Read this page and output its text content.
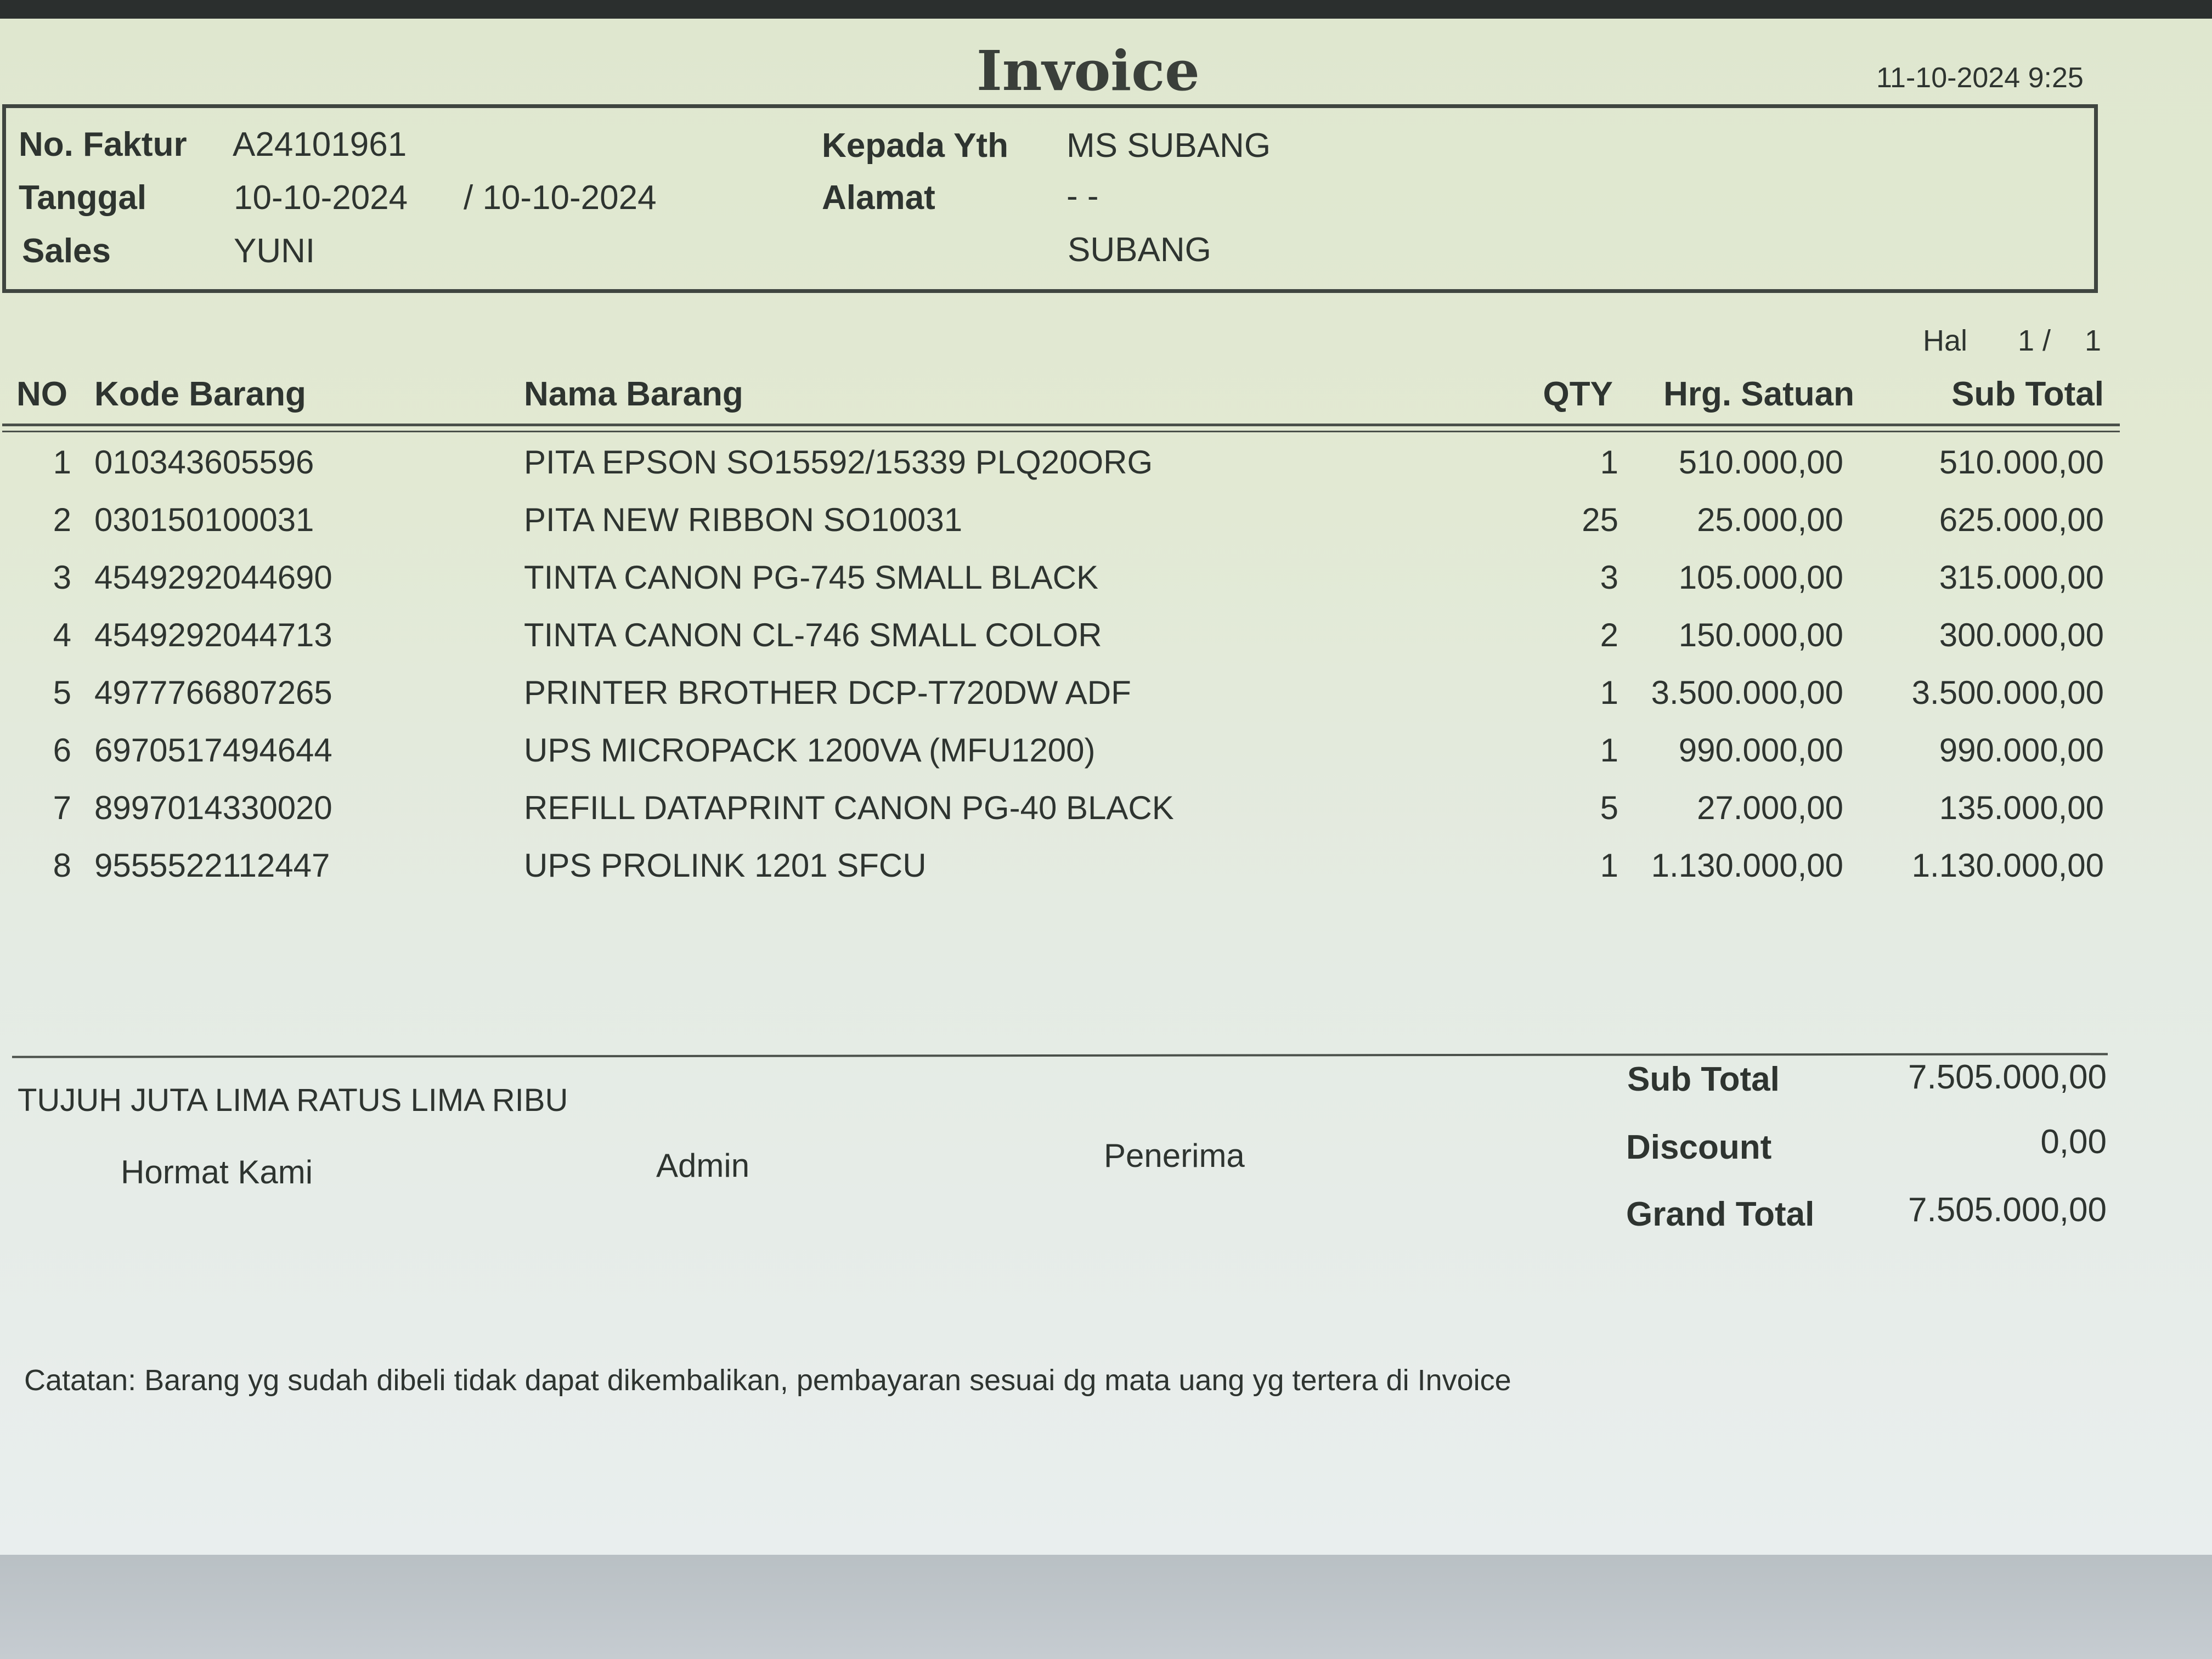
Invoice	11-10-2024 9:25
No. Faktur A24101961
Tanggal	10-10-2024 / 10-10-2024
Sales	YUNI
Kepada Yth MS SUBANG
Alamat	- -
SUBANG
Hal 1 / 1
NO Kode Barang	Nama Barang	QTY	Hrg. Satuan	Sub Total
1 010343605596	PITA EPSON SO15592/15339 PLQ20ORG	1	510.000,00	510.000,00
2 030150100031	PITA NEW RIBBON SO10031	25	25.000,00	625.000,00
3 4549292044690	TINTA CANON PG-745 SMALL BLACK	3	105.000,00	315.000,00
4 4549292044713	TINTA CANON CL-746 SMALL COLOR	2	150.000,00	300.000,00
5 4977766807265	PRINTER BROTHER DCP-T720DW ADF	1 3.500.000,00	3.500.000,00
6 6970517494644	UPS MICROPACK 1200VA (MFU1200)	1	990.000,00	990.000,00
7 8997014330020	REFILL DATAPRINT CANON PG-40 BLACK	5	27.000,00	135.000,00
8 9555522112447	UPS PROLINK 1201 SFCU	1 1.130.000,00	1.130.000,00
TUJUH JUTA LIMA RATUS LIMA RIBU
Hormat Kami	Admin	Penerima
Sub Total	7.505.000,00
Discount	0,00
Grand Total	7.505.000,00
Catatan: Barang yg sudah dibeli tidak dapat dikembalikan, pembayaran sesuai dg mata uang yg tertera di Invoice
